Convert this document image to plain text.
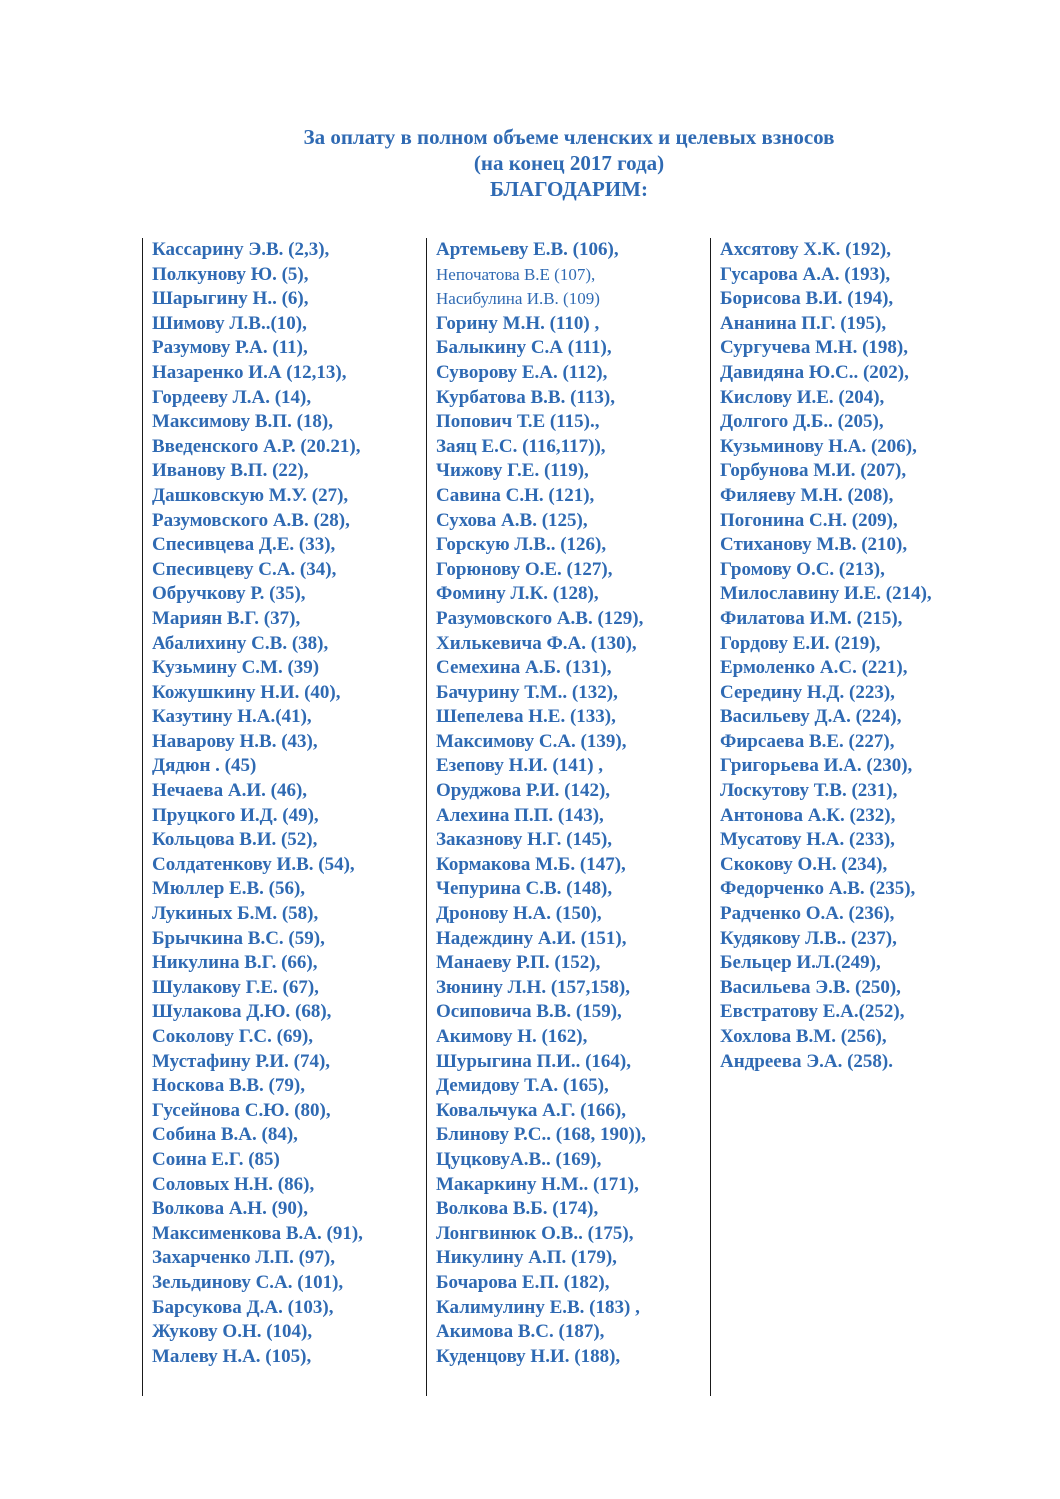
За оплату в полном объеме членских и целевых взносов
(на конец 2017 года)
БЛАГОДАРИМ:
Кассарину Э.В. (2,3),
Полкунову Ю. (5),
Шарыгину Н.. (6),
Шимову Л.В..(10),
Разумову Р.А. (11),
Назаренко И.А (12,13),
Гордееву Л.А. (14),
Максимову В.П. (18),
Введенского А.Р. (20.21),
Иванову В.П. (22),
Дашковскую М.У. (27),
Разумовского А.В. (28),
Спесивцева Д.Е. (33),
Спесивцеву С.А. (34),
Обручкову Р. (35),
Мариян В.Г. (37),
Абалихину С.В. (38),
Кузьмину С.М. (39)
Кожушкину Н.И. (40),
Казутину Н.А.(41),
Наварову Н.В. (43),
Дядюн . (45)
Нечаева А.И. (46),
Пруцкого И.Д. (49),
Кольцова В.И. (52),
Солдатенкову И.В. (54),
Мюллер Е.В. (56),
Лукиных Б.М. (58),
Брычкина В.С. (59),
Никулина В.Г. (66),
Шулакову Г.Е. (67),
Шулакова Д.Ю. (68),
Соколову Г.С. (69),
Мустафину Р.И. (74),
Носкова В.В. (79),
Гусейнова С.Ю. (80),
Собина В.А. (84),
Соина Е.Г. (85)
Соловых Н.Н. (86),
Волкова А.Н. (90),
Максименкова В.А. (91),
Захарченко Л.П. (97),
Зельдинову С.А. (101),
Барсукова Д.А. (103),
Жукову О.Н. (104),
Малеву Н.А. (105),
Артемьеву Е.В. (106),
Непочатова В.Е (107),
Насибулина И.В. (109)
Горину М.Н. (110) ,
Балыкину С.А (111),
Суворову Е.А. (112),
Курбатова В.В. (113),
Попович Т.Е (115).,
Заяц Е.С. (116,117)),
Чижову Г.Е. (119),
Савина С.Н. (121),
Сухова А.В. (125),
Горскую Л.В.. (126),
Горюнову О.Е. (127),
Фомину Л.К. (128),
Разумовского А.В. (129),
Хилькевича Ф.А. (130),
Семехина А.Б. (131),
Бачурину Т.М.. (132),
Шепелева Н.Е. (133),
Максимову С.А. (139),
Езепову Н.И. (141) ,
Оруджова Р.И. (142),
Алехина П.П. (143),
Заказнову Н.Г. (145),
Кормакова М.Б. (147),
Чепурина С.В. (148),
Дронову Н.А. (150),
Надеждину А.И. (151),
Манаеву Р.П. (152),
Зюнину Л.Н. (157,158),
Осиповича В.В. (159),
Акимову Н. (162),
Шурыгина П.И.. (164),
Демидову Т.А. (165),
Ковальчука А.Г. (166),
Блинову Р.С.. (168, 190)),
ЦуцковуА.В.. (169),
Макаркину Н.М.. (171),
Волкова В.Б. (174),
Лонгвинюк О.В.. (175),
Никулину А.П. (179),
Бочарова Е.П. (182),
Калимулину Е.В. (183) ,
Акимова В.С. (187),
Куденцову Н.И. (188),
Ахсятову Х.К. (192),
Гусарова А.А. (193),
Борисова В.И. (194),
Ананина П.Г. (195),
Сургучева М.Н. (198),
Давидяна Ю.С.. (202),
Кислову И.Е. (204),
Долгого Д.Б.. (205),
Кузьминову Н.А. (206),
Горбунова М.И. (207),
Филяеву М.Н. (208),
Погонина С.Н. (209),
Стиханову М.В. (210),
Громову О.С. (213),
Милославину И.Е. (214),
Филатова И.М. (215),
Гордову Е.И. (219),
Ермоленко А.С. (221),
Середину Н.Д. (223),
Васильеву Д.А. (224),
Фирсаева В.Е. (227),
Григорьева И.А. (230),
Лоскутову Т.В. (231),
Антонова А.К. (232),
Мусатову Н.А. (233),
Скокову О.Н. (234),
Федорченко А.В. (235),
Радченко О.А. (236),
Кудякову Л.В.. (237),
Бельцер И.Л.(249),
Васильева Э.В. (250),
Евстратову Е.А.(252),
Хохлова В.М. (256),
Андреева Э.А. (258).
